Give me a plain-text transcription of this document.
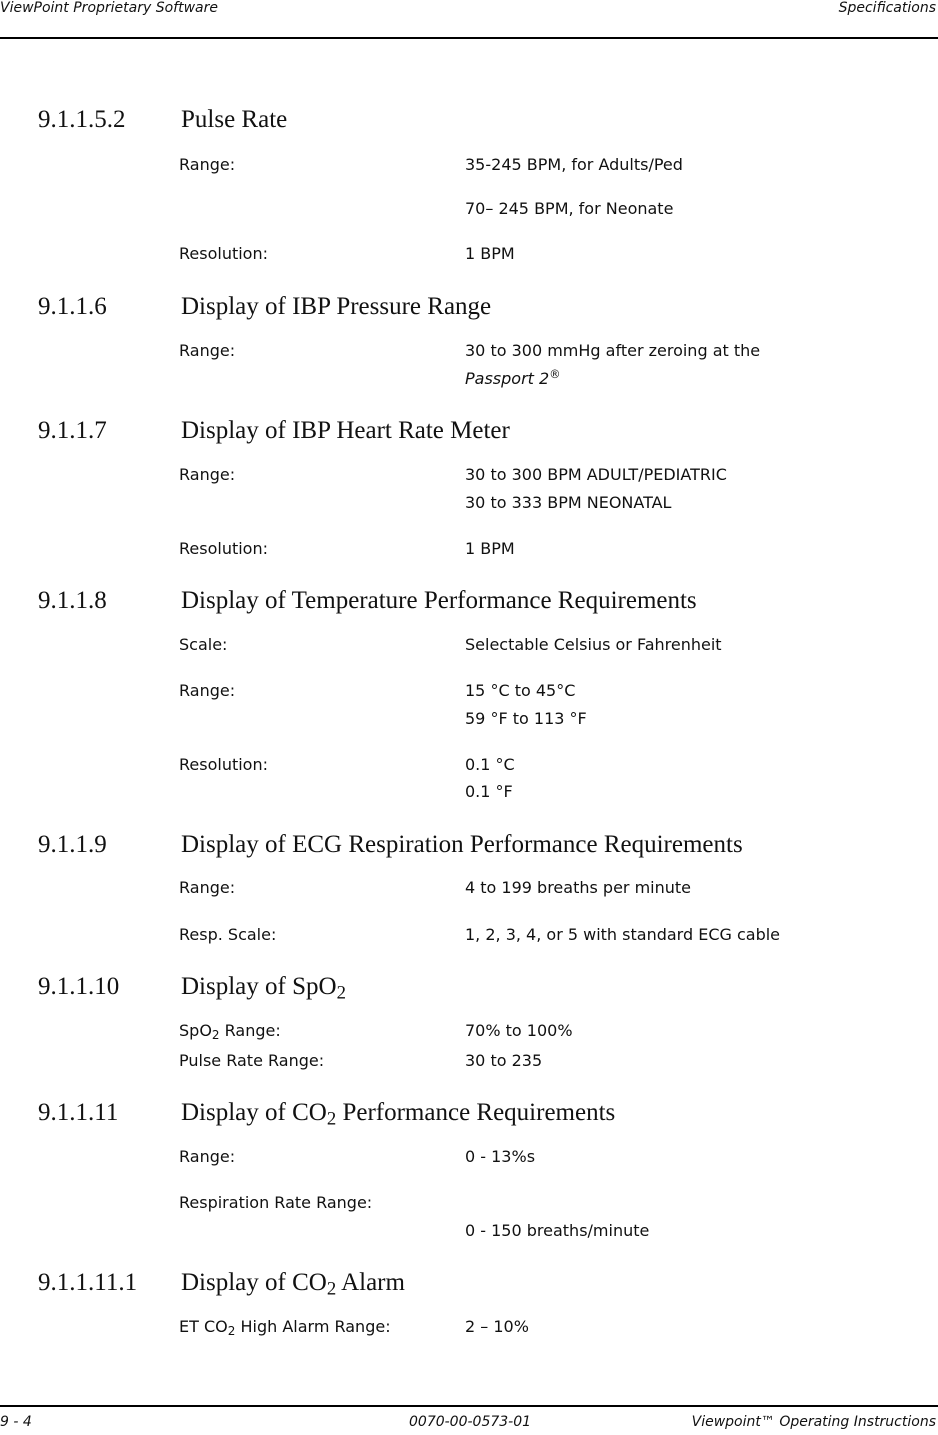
ViewPoint Proprietary Software	Specifications
9.1.1.5.2 Pulse Rate
Range:	35-245 BPM, for Adults/Ped
70– 245 BPM, for Neonate
Resolution:	1 BPM
9.1.1.6	Display of IBP Pressure Range
Range:	30 to 300 mmHg after zeroing at the
Passport 2®
9.1.1.7	Display of IBP Heart Rate Meter
Range:	30 to 300 BPM ADULT/PEDIATRIC
30 to 333 BPM NEONATAL
Resolution:	1 BPM
9.1.1.8	Display of Temperature Performance Requirements
Scale:	Selectable Celsius or Fahrenheit
Range:	15 °C to 45°C
59 °F to 113 °F
Resolution:	0.1 °C
0.1 °F
9.1.1.9	Display of ECG Respiration Performance Requirements
Range:	4 to 199 breaths per minute
Resp. Scale:	1, 2, 3, 4, or 5 with standard ECG cable
9.1.1.10 Display of SpO$_2$
SpO$_2$ Range:	70% to 100%
Pulse Rate Range:	30 to 235
9.1.1.11	Display of $CO_2$ Performance Requirements
Range:	0 - 13%s
Respiration Rate Range:
0 - 150 breaths/minute
9.1.1.11.1 Display of $CO_2$ Alarm
ET $CO_2$ High Alarm Range:	2 – 10%
9 - 4	0070-00-0573-01	Viewpoint™ Operating Instructions
